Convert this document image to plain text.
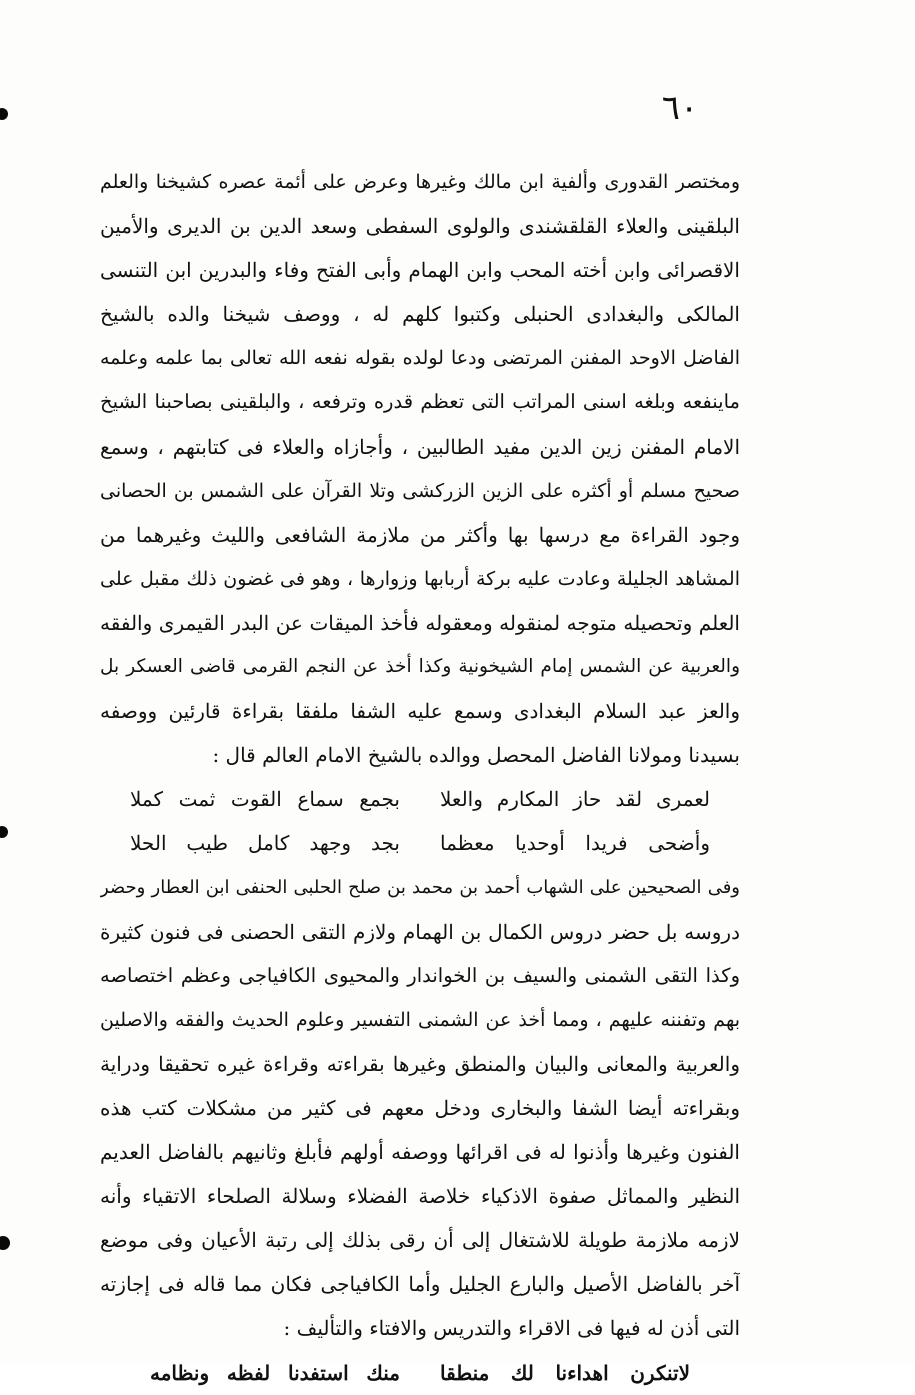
٦٠
ومختصر القدورى وألفية ابن مالك وغيرها وعرض على أئمة عصره كشيخنا والعلم
البلقينى والعلاء القلقشندى والولوى السفطى وسعد الدين بن الديرى والأمين
الاقصرائى وابن أخته المحب وابن الهمام وأبى الفتح وفاء والبدرين ابن التنسى
المالكى والبغدادى الحنبلى وكتبوا كلهم له ، ووصف شيخنا والده بالشيخ
الفاضل الاوحد المفنن المرتضى ودعا لولده بقوله نفعه الله تعالى بما علمه وعلمه
ماينفعه وبلغه اسنى المراتب التى تعظم قدره وترفعه ، والبلقينى بصاحبنا الشيخ
الامام المفنن زين الدين مفيد الطالبين ، وأجازاه والعلاء فى كتابتهم ، وسمع
صحيح مسلم أو أكثره على الزين الزركشى وتلا القرآن على الشمس بن الحصانى
وجود القراءة مع درسها بها وأكثر من ملازمة الشافعى والليث وغيرهما من
المشاهد الجليلة وعادت عليه بركة أربابها وزوارها ، وهو فى غضون ذلك مقبل على
العلم وتحصيله متوجه لمنقوله ومعقوله فأخذ الميقات عن البدر القيمرى والفقه
والعربية عن الشمس إمام الشيخونية وكذا أخذ عن النجم القرمى قاضى العسكر بل
والعز عبد السلام البغدادى وسمع عليه الشفا ملفقا بقراءة قارئين ووصفه
بسيدنا ومولانا الفاضل المحصل ووالده بالشيخ الامام العالم قال :
لعمرى لقد حاز المكارم والعلا
بجمع سماع القوت ثمت كملا
وأضحى فريدا أوحديا معظما
بجد وجهد كامل طيب الحلا
وفى الصحيحين على الشهاب أحمد بن محمد بن صلح الحلبى الحنفى ابن العطار وحضر
دروسه بل حضر دروس الكمال بن الهمام ولازم التقى الحصنى فى فنون كثيرة
وكذا التقى الشمنى والسيف بن الخواندار والمحيوى الكافياجى وعظم اختصاصه
بهم وتفننه عليهم ، ومما أخذ عن الشمنى التفسير وعلوم الحديث والفقه والاصلين
والعربية والمعانى والبيان والمنطق وغيرها بقراءته وقراءة غيره تحقيقا ودراية
وبقراءته أيضا الشفا والبخارى ودخل معهم فى كثير من مشكلات كتب هذه
الفنون وغيرها وأذنوا له فى اقرائها ووصفه أولهم فأبلغ وثانيهم بالفاضل العديم
النظير والمماثل صفوة الاذكياء خلاصة الفضلاء وسلالة الصلحاء الاتقياء وأنه
لازمه ملازمة طويلة للاشتغال إلى أن رقى بذلك إلى رتبة الأعيان وفى موضع
آخر بالفاضل الأصيل والبارع الجليل وأما الكافياجى فكان مما قاله فى إجازته
التى أذن له فيها فى الاقراء والتدريس والافتاء والتأليف :
لاتنكرن اهداءنا لك منطقا
منك استفدنا لفظه ونظامه
